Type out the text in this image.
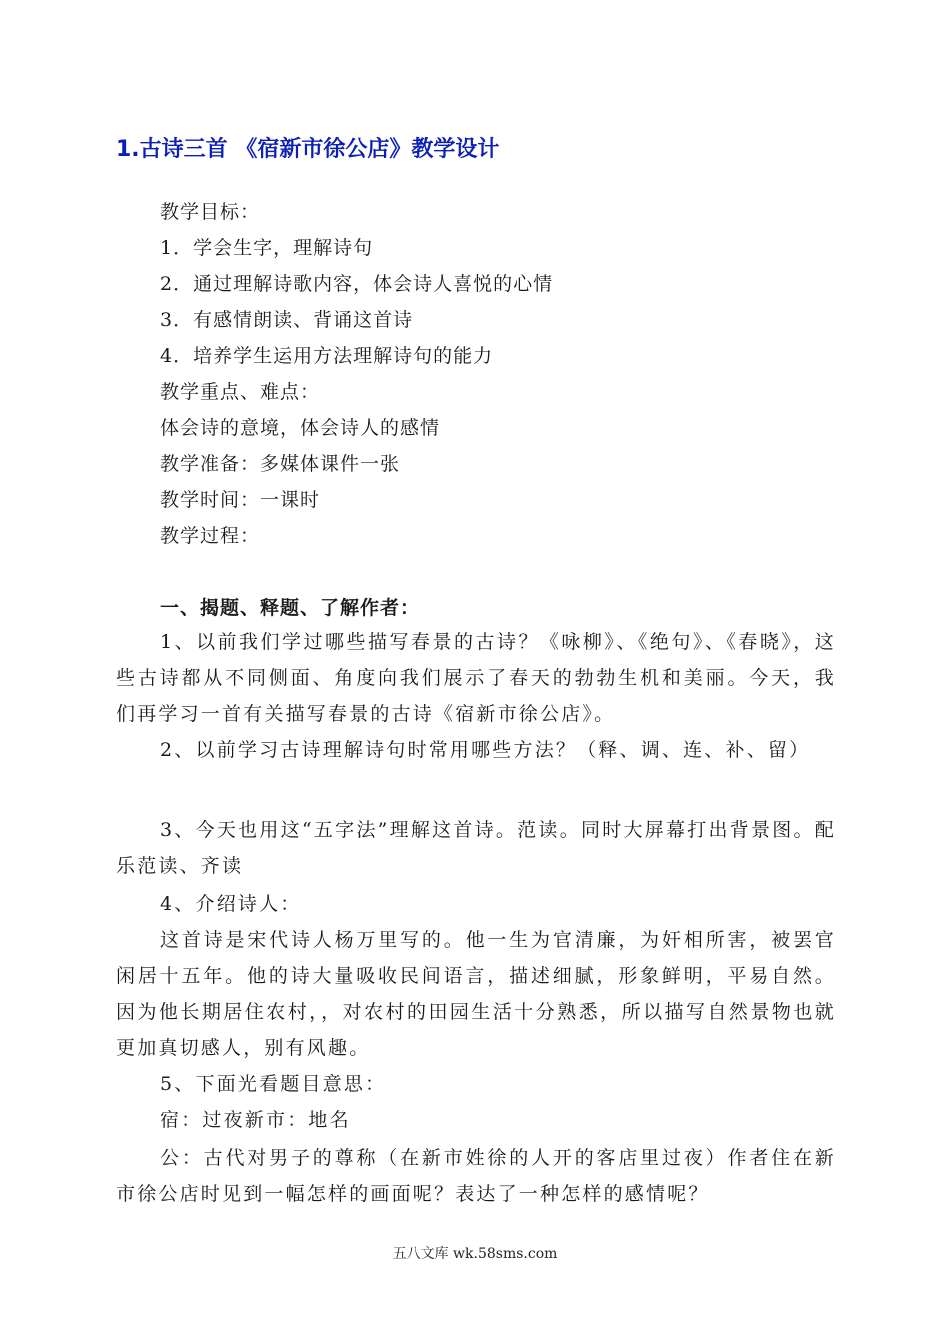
1.古诗三首 《宿新市徐公店》教学设计
教学目标：
1．学会生字，理解诗句
2．通过理解诗歌内容，体会诗人喜悦的心情
3．有感情朗读、背诵这首诗
4．培养学生运用方法理解诗句的能力
教学重点、难点：
体会诗的意境，体会诗人的感情
教学准备：多媒体课件一张
教学时间：一课时
教学过程：
一、揭题、释题、了解作者：
1、以前我们学过哪些描写春景的古诗？《咏柳》、《绝句》、《春晓》，这些古诗都从不同侧面、角度向我们展示了春天的勃勃生机和美丽。今天，我们再学习一首有关描写春景的古诗《宿新市徐公店》。
2、以前学习古诗理解诗句时常用哪些方法？（释、调、连、补、留）
3、今天也用这“五字法”理解这首诗。范读。同时大屏幕打出背景图。配乐范读、齐读
4、介绍诗人：
这首诗是宋代诗人杨万里写的。他一生为官清廉，为奸相所害，被罢官闲居十五年。他的诗大量吸收民间语言，描述细腻，形象鲜明，平易自然。因为他长期居住农村，，对农村的田园生活十分熟悉，所以描写自然景物也就更加真切感人，别有风趣。
5、下面光看题目意思：
宿：过夜新市：地名
公：古代对男子的尊称（在新市姓徐的人开的客店里过夜）作者住在新市徐公店时见到一幅怎样的画面呢？表达了一种怎样的感情呢？
五八文库 wk.58sms.com
